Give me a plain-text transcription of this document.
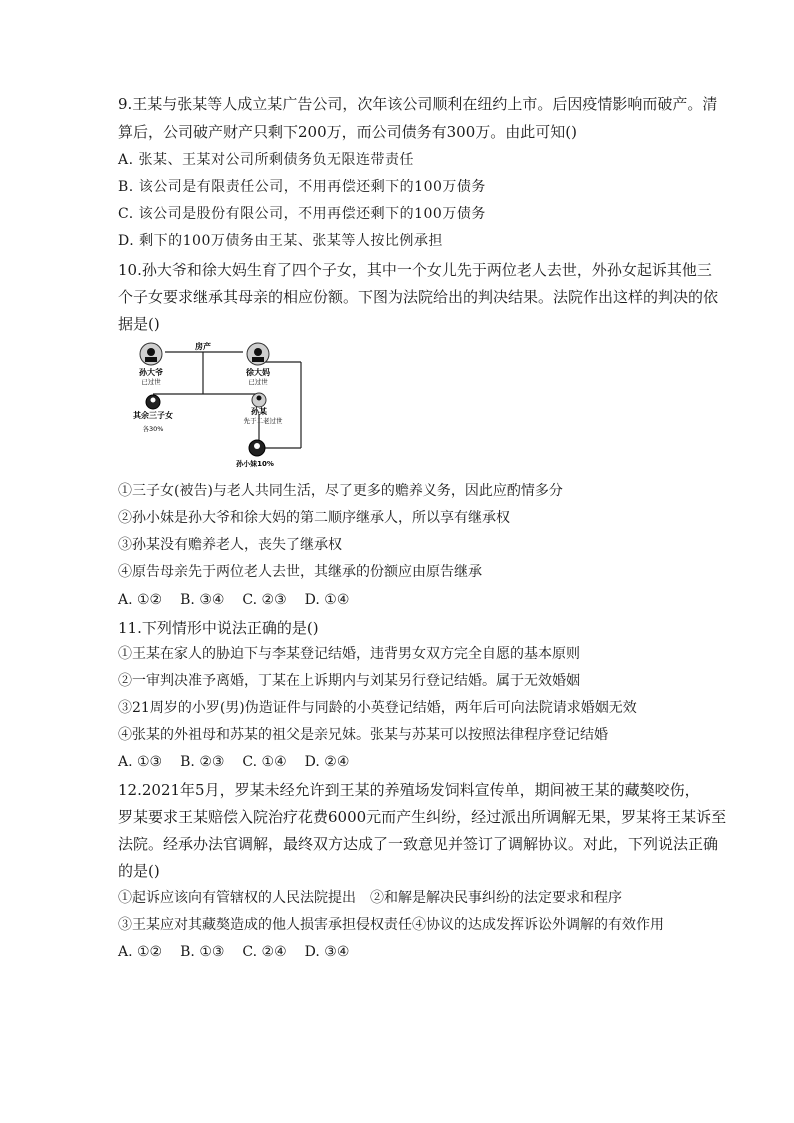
9.王某与张某等人成立某广告公司，次年该公司顺利在纽约上市。后因疫情影响而破产。清
算后，公司破产财产只剩下200万，而公司债务有300万。由此可知()
A. 张某、王某对公司所剩债务负无限连带责任
B. 该公司是有限责任公司，不用再偿还剩下的100万债务
C. 该公司是股份有限公司，不用再偿还剩下的100万债务
D. 剩下的100万债务由王某、张某等人按比例承担
10.孙大爷和徐大妈生育了四个子女，其中一个女儿先于两位老人去世，外孙女起诉其他三
个子女要求继承其母亲的相应份额。下图为法院给出的判决结果。法院作出这样的判决的依
据是()
孙大爷
已过世
房产
徐大妈
已过世
其余三子女
各30%
孙某
先于二老过世
孙小妹10%
①三子女(被告)与老人共同生活，尽了更多的赡养义务，因此应酌情多分
②孙小妹是孙大爷和徐大妈的第二顺序继承人，所以享有继承权
③孙某没有赡养老人，丧失了继承权
④原告母亲先于两位老人去世，其继承的份额应由原告继承
A. ①② B. ③④ C. ②③ D. ①④
11.下列情形中说法正确的是()
①王某在家人的胁迫下与李某登记结婚，违背男女双方完全自愿的基本原则
②一审判决准予离婚，丁某在上诉期内与刘某另行登记结婚。属于无效婚姻
③21周岁的小罗(男)伪造证件与同龄的小英登记结婚，两年后可向法院请求婚姻无效
④张某的外祖母和苏某的祖父是亲兄妹。张某与苏某可以按照法律程序登记结婚
A. ①③ B. ②③ C. ①④ D. ②④
12.2021年5月，罗某未经允许到王某的养殖场发饲料宣传单，期间被王某的藏獒咬伤，
罗某要求王某赔偿入院治疗花费6000元而产生纠纷，经过派出所调解无果，罗某将王某诉至
法院。经承办法官调解，最终双方达成了一致意见并签订了调解协议。对此，下列说法正确
的是()
①起诉应该向有管辖权的人民法院提出　②和解是解决民事纠纷的法定要求和程序
③王某应对其藏獒造成的他人损害承担侵权责任④协议的达成发挥诉讼外调解的有效作用
A. ①② B. ①③ C. ②④ D. ③④
